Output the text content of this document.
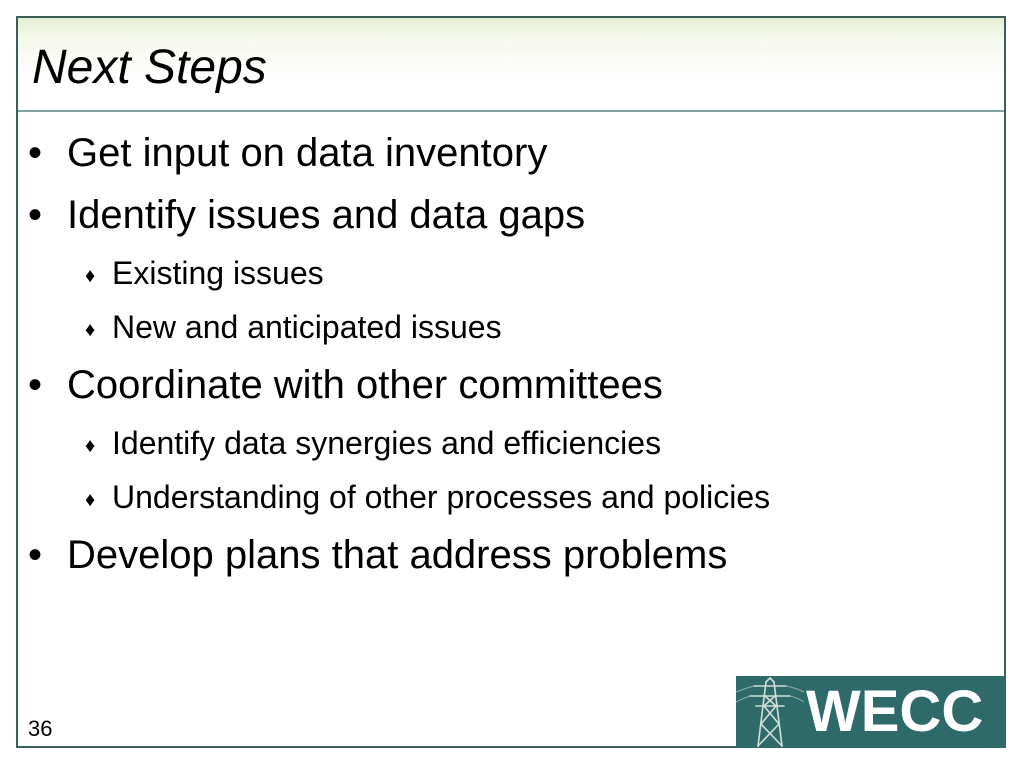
Next Steps
• Get input on data inventory
• Identify issues and data gaps
♦ Existing issues
♦ New and anticipated issues
• Coordinate with other committees
♦ Identify data synergies and efficiencies
♦ Understanding of other processes and policies
• Develop plans that address problems
36	WECC
